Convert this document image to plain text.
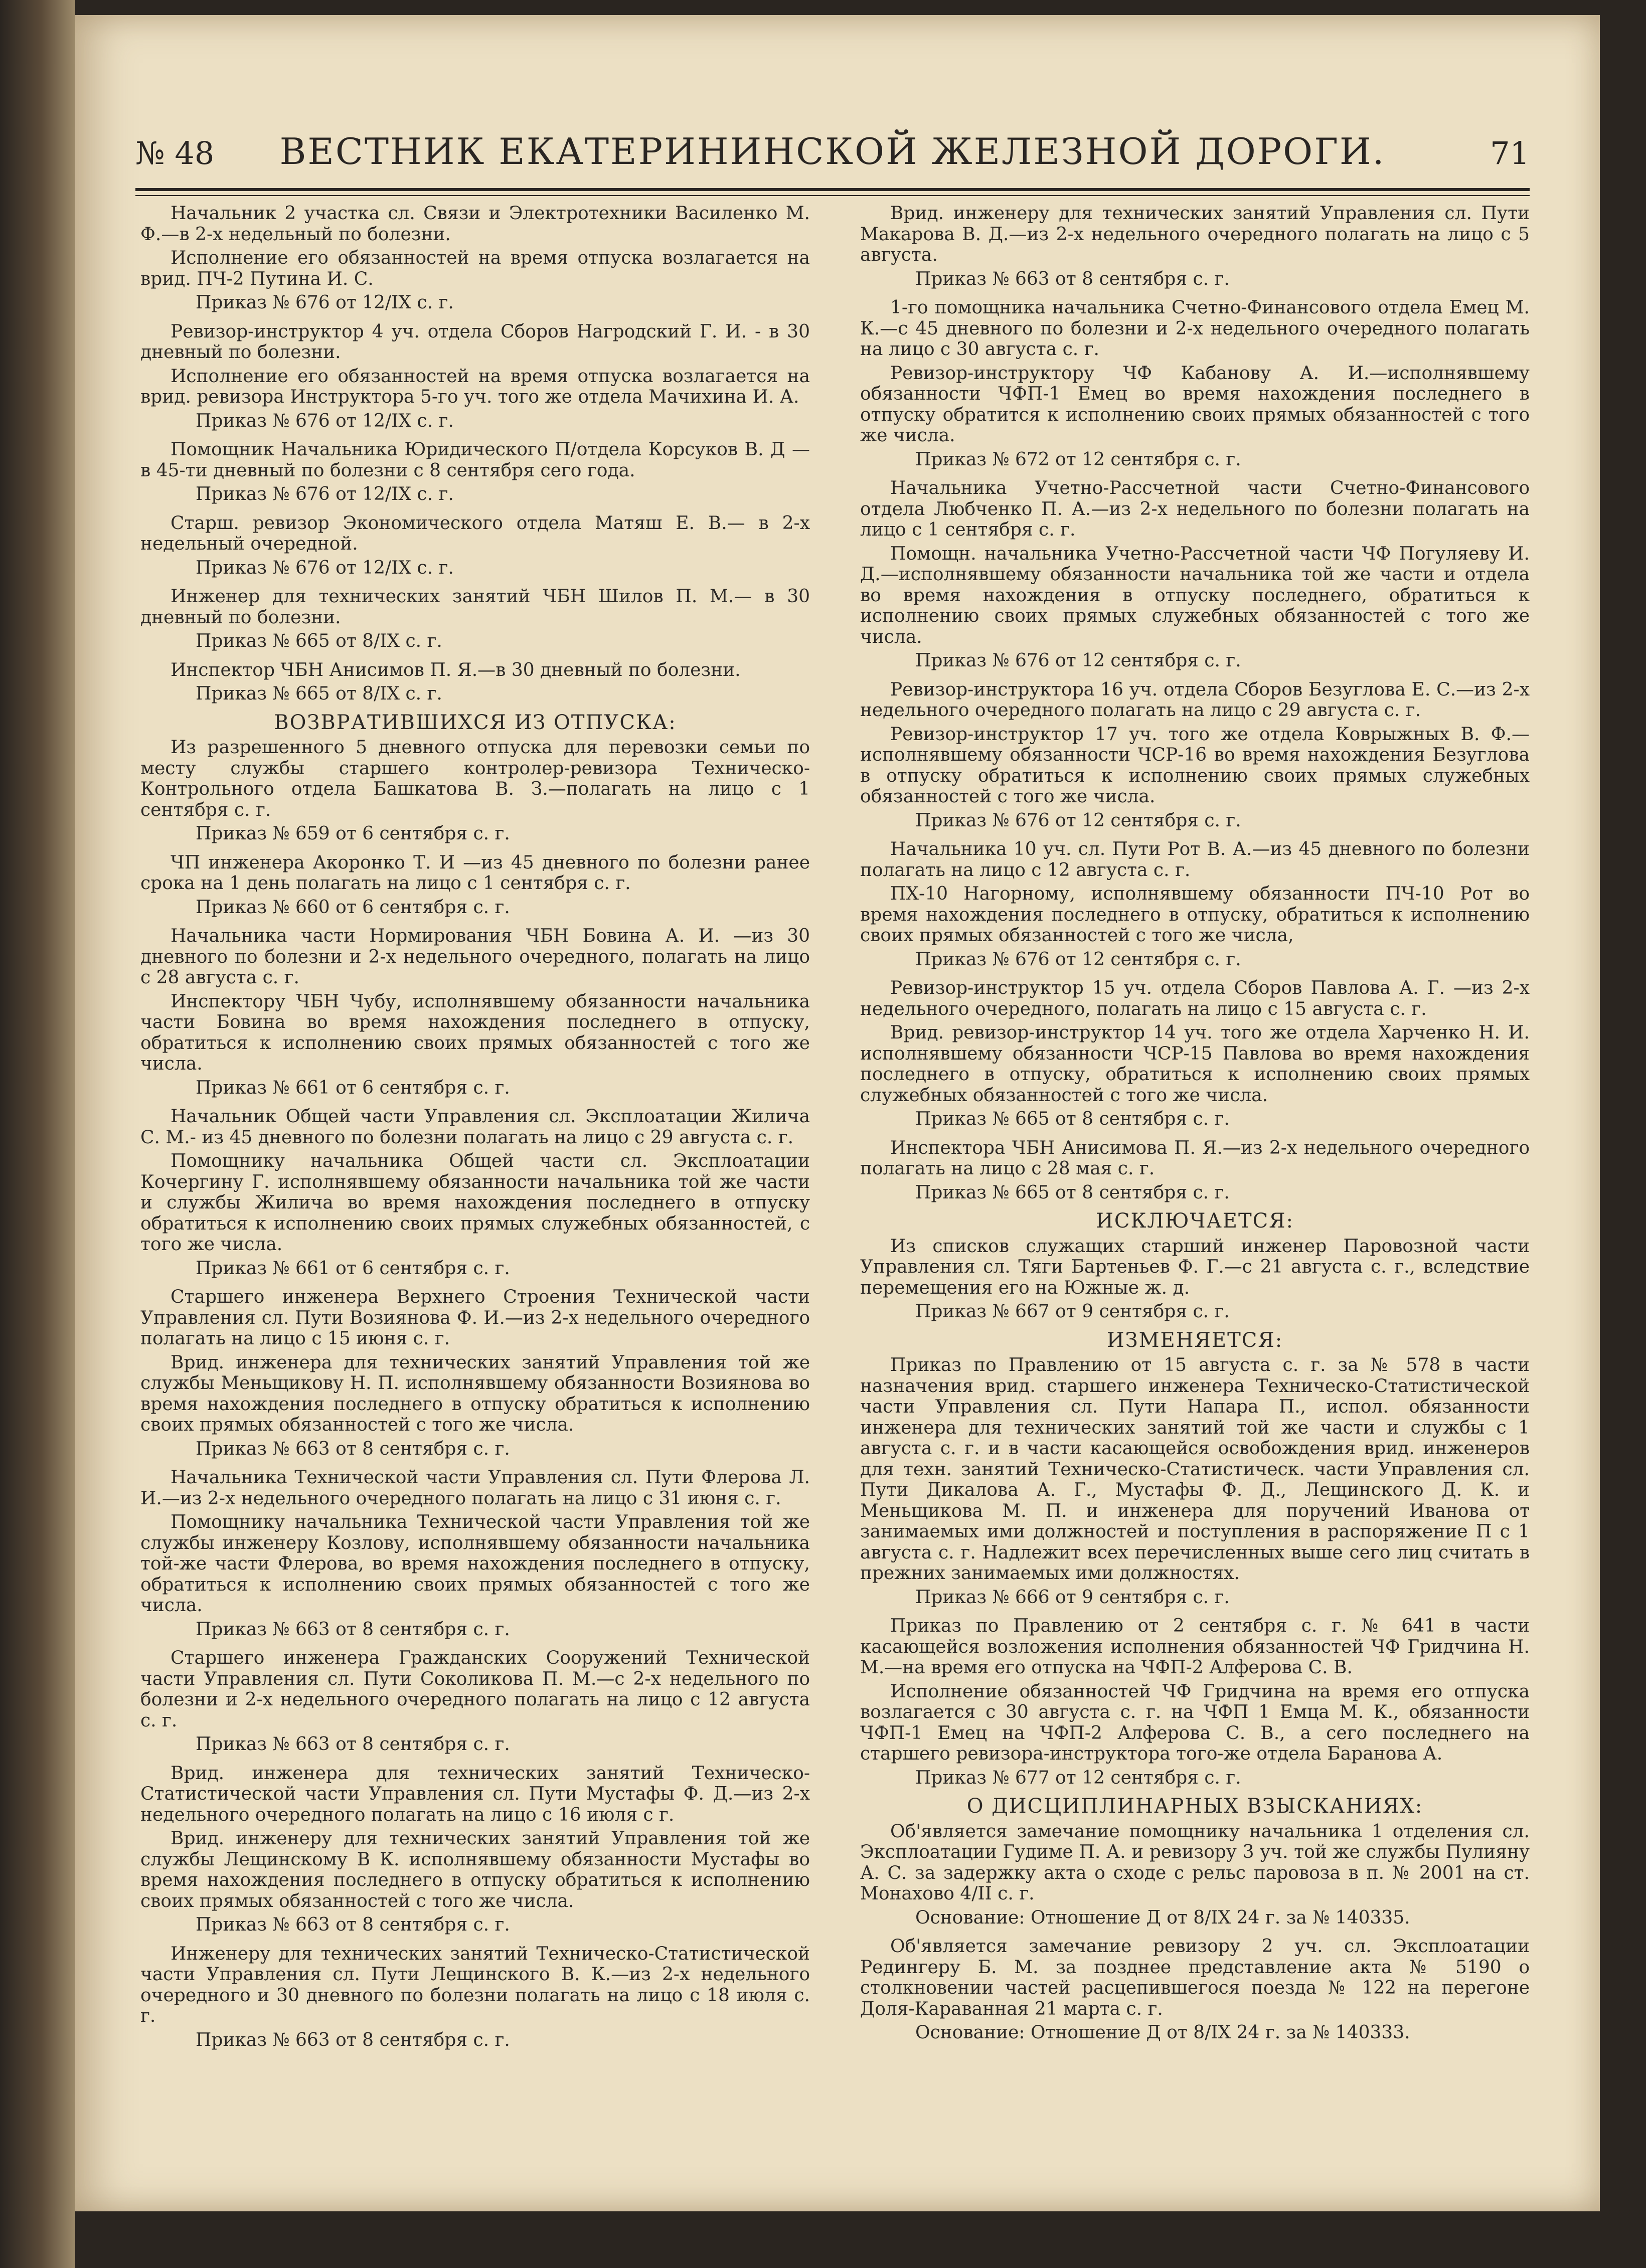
№ 48	ВЕСТНИК ЕКАТЕРИНИНСКОЙ ЖЕЛЕЗНОЙ ДОРОГИ.	71

Начальник 2 участка сл. Связи и Электротехники Василенко М. Ф.—в 2-х недельный по болезни.

Исполнение его обязанностей на время отпуска возлагается на врид. ПЧ-2 Путина И. С.

Приказ № 676 от 12/IX с. г.

Ревизор-инструктор 4 уч. отдела Сборов Нагродский Г. И. - в 30 дневный по болезни.

Исполнение его обязанностей на время отпуска возлагается на врид. ревизора Инструктора 5-го уч. того же отдела Мачихина И. А.

Приказ № 676 от 12/IX с. г.

Помощник Начальника Юридического П/отдела Корсуков В. Д —в 45-ти дневный по болезни с 8 сентября сего года.

Приказ № 676 от 12/IX с. г.

Старш. ревизор Экономического отдела Матяш Е. В.— в 2-х недельный очередной.

Приказ № 676 от 12/IX с. г.

Инженер для технических занятий ЧБН Шилов П. М.— в 30 дневный по болезни.

Приказ № 665 от 8/IX с. г.

Инспектор ЧБН Анисимов П. Я.—в 30 дневный по болезни.

Приказ № 665 от 8/IX с. г.

ВОЗВРАТИВШИХСЯ ИЗ ОТПУСКА:

Из разрешенного 5 дневного отпуска для перевозки семьи по месту службы старшего контролер-ревизора Техническо-Контрольного отдела Башкатова В. З.—полагать на лицо с 1 сентября с. г.

Приказ № 659 от 6 сентября с. г.

ЧП инженера Акоронко Т. И —из 45 дневного по болезни ранее срока на 1 день полагать на лицо с 1 сентября с. г.

Приказ № 660 от 6 сентября с. г.

Начальника части Нормирования ЧБН Бовина А. И. —из 30 дневного по болезни и 2-х недельного очередного, полагать на лицо с 28 августа с. г.

Инспектору ЧБН Чубу, исполнявшему обязанности начальника части Бовина во время нахождения последнего в отпуску, обратиться к исполнению своих прямых обязанностей с того же числа.

Приказ № 661 от 6 сентября с. г.

Начальник Общей части Управления сл. Эксплоатации Жилича С. М.- из 45 дневного по болезни полагать на лицо с 29 августа с. г.

Помощнику начальника Общей части сл. Эксплоатации Кочергину Г. исполнявшему обязанности начальника той же части и службы Жилича во время нахождения последнего в отпуску обратиться к исполнению своих прямых служебных обязанностей, с того же числа.

Приказ № 661 от 6 сентября с. г.

Старшего инженера Верхнего Строения Технической части Управления сл. Пути Возиянова Ф. И.—из 2-х недельного очередного полагать на лицо с 15 июня с. г.

Врид. инженера для технических занятий Управления той же службы Меньщикову Н. П. исполнявшему обязанности Возиянова во время нахождения последнего в отпуску обратиться к исполнению своих прямых обязанностей с того же числа.

Приказ № 663 от 8 сентября с. г.

Начальника Технической части Управления сл. Пути Флерова Л. И.—из 2-х недельного очередного полагать на лицо с 31 июня с. г.

Помощнику начальника Технической части Управления той же службы инженеру Козлову, исполнявшему обязанности начальника той-же части Флерова, во время нахождения последнего в отпуску, обратиться к исполнению своих прямых обязанностей с того же числа.

Приказ № 663 от 8 сентября с. г.

Старшего инженера Гражданских Сооружений Технической части Управления сл. Пути Соколикова П. М.—с 2-х недельного по болезни и 2-х недельного очередного полагать на лицо с 12 августа с. г.

Приказ № 663 от 8 сентября с. г.

Врид. инженера для технических занятий Техническо-Статистической части Управления сл. Пути Мустафы Ф. Д.—из 2-х недельного очередного полагать на лицо с 16 июля с г.

Врид. инженеру для технических занятий Управления той же службы Лещинскому В К. исполнявшему обязанности Мустафы во время нахождения последнего в отпуску обратиться к исполнению своих прямых обязанностей с того же числа.

Приказ № 663 от 8 сентября с. г.

Инженеру для технических занятий Техническо-Статистической части Управления сл. Пути Лещинского В. К.—из 2-х недельного очередного и 30 дневного по болезни полагать на лицо с 18 июля с. г.

Приказ № 663 от 8 сентября с. г.

Врид. инженеру для технических занятий Управления сл. Пути Макарова В. Д.—из 2-х недельного очередного полагать на лицо с 5 августа.

Приказ № 663 от 8 сентября с. г.

1-го помощника начальника Счетно-Финансового отдела Емец М. К.—с 45 дневного по болезни и 2-х недельного очередного полагать на лицо с 30 августа с. г.

Ревизор-инструктору ЧФ Кабанову А. И.—исполнявшему обязанности ЧФП-1 Емец во время нахождения последнего в отпуску обратится к исполнению своих прямых обязанностей с того же числа.

Приказ № 672 от 12 сентября с. г.

Начальника Учетно-Рассчетной части Счетно-Финансового отдела Любченко П. А.—из 2-х недельного по болезни полагать на лицо с 1 сентября с. г.

Помощн. начальника Учетно-Рассчетной части ЧФ Погуляеву И. Д.—исполнявшему обязанности начальника той же части и отдела во время нахождения в отпуску последнего, обратиться к исполнению своих прямых служебных обязанностей с того же числа.

Приказ № 676 от 12 сентября с. г.

Ревизор-инструктора 16 уч. отдела Сборов Безуглова Е. С.—из 2-х недельного очередного полагать на лицо с 29 августа с. г.

Ревизор-инструктор 17 уч. того же отдела Коврыжных В. Ф.—исполнявшему обязанности ЧСР-16 во время нахождения Безуглова в отпуску обратиться к исполнению своих прямых служебных обязанностей с того же числа.

Приказ № 676 от 12 сентября с. г.

Начальника 10 уч. сл. Пути Рот В. А.—из 45 дневного по болезни полагать на лицо с 12 августа с. г.

ПХ-10 Нагорному, исполнявшему обязанности ПЧ-10 Рот во время нахождения последнего в отпуску, обратиться к исполнению своих прямых обязанностей с того же числа,

Приказ № 676 от 12 сентября с. г.

Ревизор-инструктор 15 уч. отдела Сборов Павлова А. Г. —из 2-х недельного очередного, полагать на лицо с 15 августа с. г.

Врид. ревизор-инструктор 14 уч. того же отдела Харченко Н. И. исполнявшему обязанности ЧСР-15 Павлова во время нахождения последнего в отпуску, обратиться к исполнению своих прямых служебных обязанностей с того же числа.

Приказ № 665 от 8 сентября с. г.

Инспектора ЧБН Анисимова П. Я.—из 2-х недельного очередного полагать на лицо с 28 мая с. г.

Приказ № 665 от 8 сентября с. г.

ИСКЛЮЧАЕТСЯ:

Из списков служащих старший инженер Паровозной части Управления сл. Тяги Бартеньев Ф. Г.—с 21 августа с. г., вследствие перемещения его на Южные ж. д.

Приказ № 667 от 9 сентября с. г.

ИЗМЕНЯЕТСЯ:

Приказ по Правлению от 15 августа с. г. за № 578 в части назначения врид. старшего инженера Техническо-Статистической части Управления сл. Пути Напара П., испол. обязанности инженера для технических занятий той же части и службы с 1 августа с. г. и в части касающейся освобождения врид. инженеров для техн. занятий Техническо-Статистическ. части Управления сл. Пути Дикалова А. Г., Мустафы Ф. Д., Лещинского Д. К. и Меньщикова М. П. и инженера для поручений Иванова от занимаемых ими должностей и поступления в распоряжение П с 1 августа с. г. Надлежит всех перечисленных выше сего лиц считать в прежних занимаемых ими должностях.

Приказ № 666 от 9 сентября с. г.

Приказ по Правлению от 2 сентября с. г. № 641 в части касающейся возложения исполнения обязанностей ЧФ Гридчина Н. М.—на время его отпуска на ЧФП-2 Алферова С. В.

Исполнение обязанностей ЧФ Гридчина на время его отпуска возлагается с 30 августа с. г. на ЧФП 1 Емца М. К., обязанности ЧФП-1 Емец на ЧФП-2 Алферова С. В., а сего последнего на старшего ревизора-инструктора того-же отдела Баранова А.

Приказ № 677 от 12 сентября с. г.

О ДИСЦИПЛИНАРНЫХ ВЗЫСКАНИЯХ:

Об'является замечание помощнику начальника 1 отделения сл. Эксплоатации Гудиме П. А. и ревизору 3 уч. той же службы Пулияну А. С. за задержку акта о сходе с рельс паровоза в п. № 2001 на ст. Монахово 4/II с. г.

Основание: Отношение Д от 8/IX 24 г. за № 140335.

Об'является замечание ревизору 2 уч. сл. Эксплоатации Редингеру Б. М. за позднее представление акта № 5190 о столкновении частей расцепившегося поезда № 122 на перегоне Доля-Караванная 21 марта с. г.

Основание: Отношение Д от 8/IX 24 г. за № 140333.
